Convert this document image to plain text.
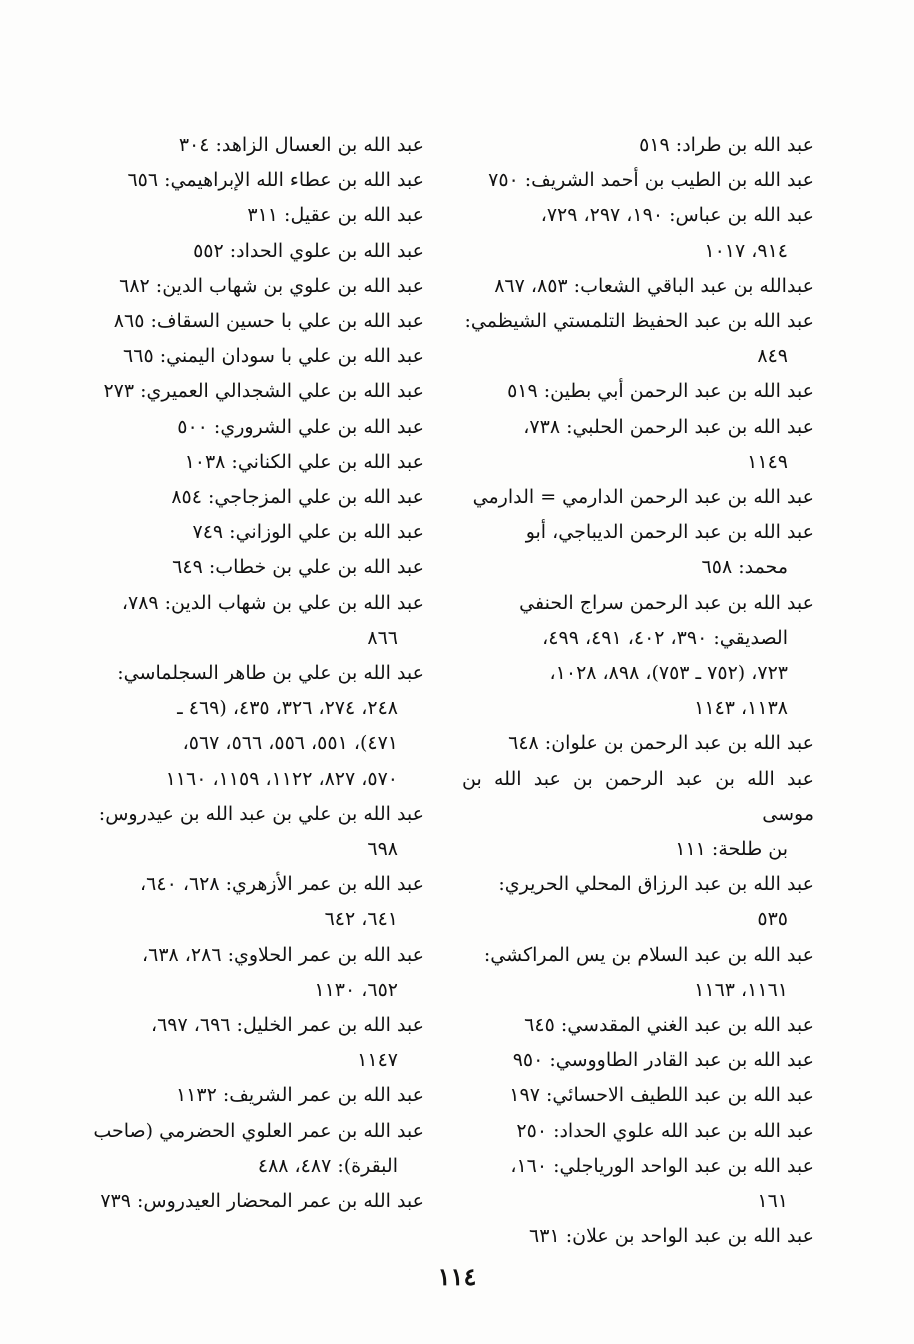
عبد الله بن طراد: ٥١٩
عبد الله بن الطيب بن أحمد الشريف: ٧٥٠
عبد الله بن عباس: ١٩٠، ٢٩٧، ٧٢٩،
٩١٤، ١٠١٧
عبدالله بن عبد الباقي الشعاب: ٨٥٣، ٨٦٧
عبد الله بن عبد الحفيظ التلمستي الشيظمي:
٨٤٩
عبد الله بن عبد الرحمن أبي بطين: ٥١٩
عبد الله بن عبد الرحمن الحلبي: ٧٣٨،
١١٤٩
عبد الله بن عبد الرحمن الدارمي = الدارمي
عبد الله بن عبد الرحمن الديباجي، أبو
محمد: ٦٥٨
عبد الله بن عبد الرحمن سراج الحنفي
الصديقي: ٣٩٠، ٤٠٢، ٤٩١، ٤٩٩،
٧٢٣، (٧٥٢ ـ ٧٥٣)، ٨٩٨، ١٠٢٨،
١١٣٨، ١١٤٣
عبد الله بن عبد الرحمن بن علوان: ٦٤٨
عبد الله بن عبد الرحمن بن عبد الله بن موسى
بن طلحة: ١١١
عبد الله بن عبد الرزاق المحلي الحريري:
٥٣٥
عبد الله بن عبد السلام بن يس المراكشي:
١١٦١، ١١٦٣
عبد الله بن عبد الغني المقدسي: ٦٤٥
عبد الله بن عبد القادر الطاووسي: ٩٥٠
عبد الله بن عبد اللطيف الاحسائي: ١٩٧
عبد الله بن عبد الله علوي الحداد: ٢٥٠
عبد الله بن عبد الواحد الورياجلي: ١٦٠،
١٦١
عبد الله بن عبد الواحد بن علان: ٦٣١
عبد الله بن العسال الزاهد: ٣٠٤
عبد الله بن عطاء الله الإبراهيمي: ٦٥٦
عبد الله بن عقيل: ٣١١
عبد الله بن علوي الحداد: ٥٥٢
عبد الله بن علوي بن شهاب الدين: ٦٨٢
عبد الله بن علي با حسين السقاف: ٨٦٥
عبد الله بن علي با سودان اليمني: ٦٦٥
عبد الله بن علي الشجدالي العميري: ٢٧٣
عبد الله بن علي الشروري: ٥٠٠
عبد الله بن علي الكناني: ١٠٣٨
عبد الله بن علي المزجاجي: ٨٥٤
عبد الله بن علي الوزاني: ٧٤٩
عبد الله بن علي بن خطاب: ٦٤٩
عبد الله بن علي بن شهاب الدين: ٧٨٩،
٨٦٦
عبد الله بن علي بن طاهر السجلماسي:
٢٤٨، ٢٧٤، ٣٢٦، ٤٣٥، (٤٦٩ ـ
٤٧١)، ٥٥١، ٥٥٦، ٥٦٦، ٥٦٧،
٥٧٠، ٨٢٧، ١١٢٢، ١١٥٩، ١١٦٠
عبد الله بن علي بن عبد الله بن عيدروس:
٦٩٨
عبد الله بن عمر الأزهري: ٦٢٨، ٦٤٠،
٦٤١، ٦٤٢
عبد الله بن عمر الحلاوي: ٢٨٦، ٦٣٨،
٦٥٢، ١١٣٠
عبد الله بن عمر الخليل: ٦٩٦، ٦٩٧،
١١٤٧
عبد الله بن عمر الشريف: ١١٣٢
عبد الله بن عمر العلوي الحضرمي (صاحب
البقرة): ٤٨٧، ٤٨٨
عبد الله بن عمر المحضار العيدروس: ٧٣٩
١١٤
